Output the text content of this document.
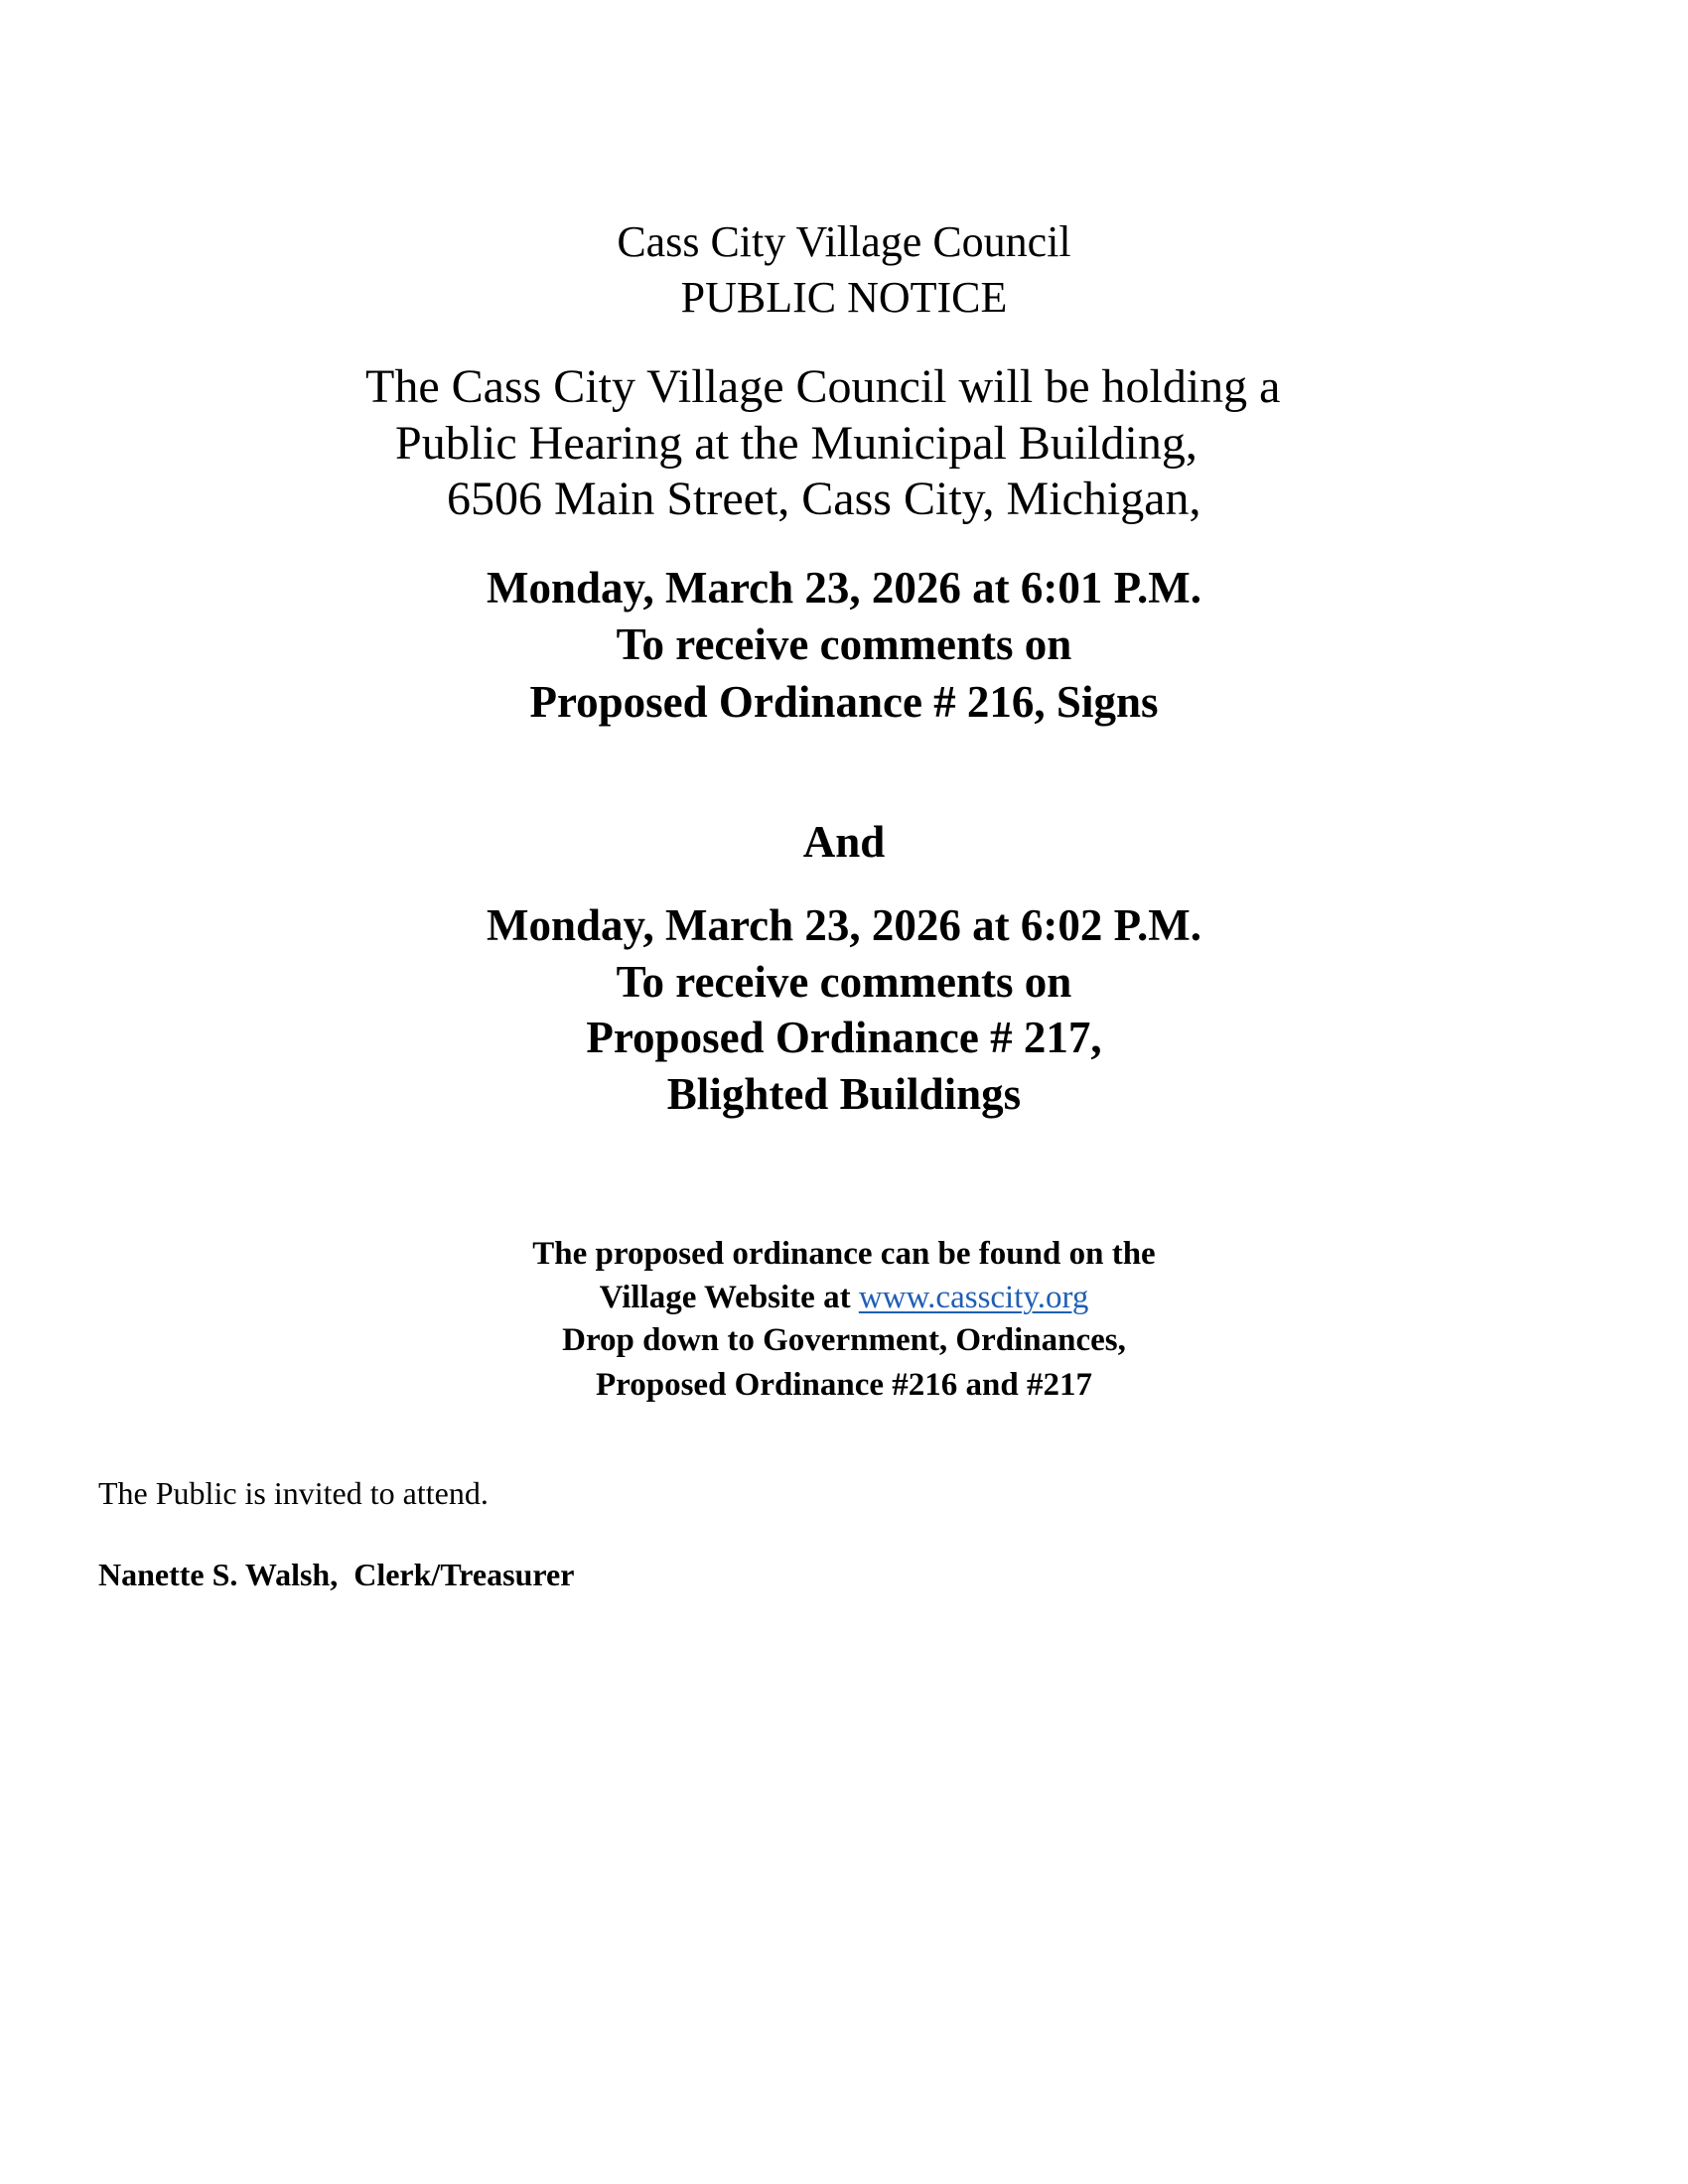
Cass City Village Council
PUBLIC NOTICE
The Cass City Village Council will be holding a
Public Hearing at the Municipal Building,
6506 Main Street, Cass City, Michigan,
Monday, March 23, 2026 at 6:01 P.M.
To receive comments on
Proposed Ordinance # 216, Signs
And
Monday, March 23, 2026 at 6:02 P.M.
To receive comments on
Proposed Ordinance # 217,
Blighted Buildings
The proposed ordinance can be found on the
Village Website at www.casscity.org
Drop down to Government, Ordinances,
Proposed Ordinance #216 and #217
The Public is invited to attend.
Nanette S. Walsh,  Clerk/Treasurer
